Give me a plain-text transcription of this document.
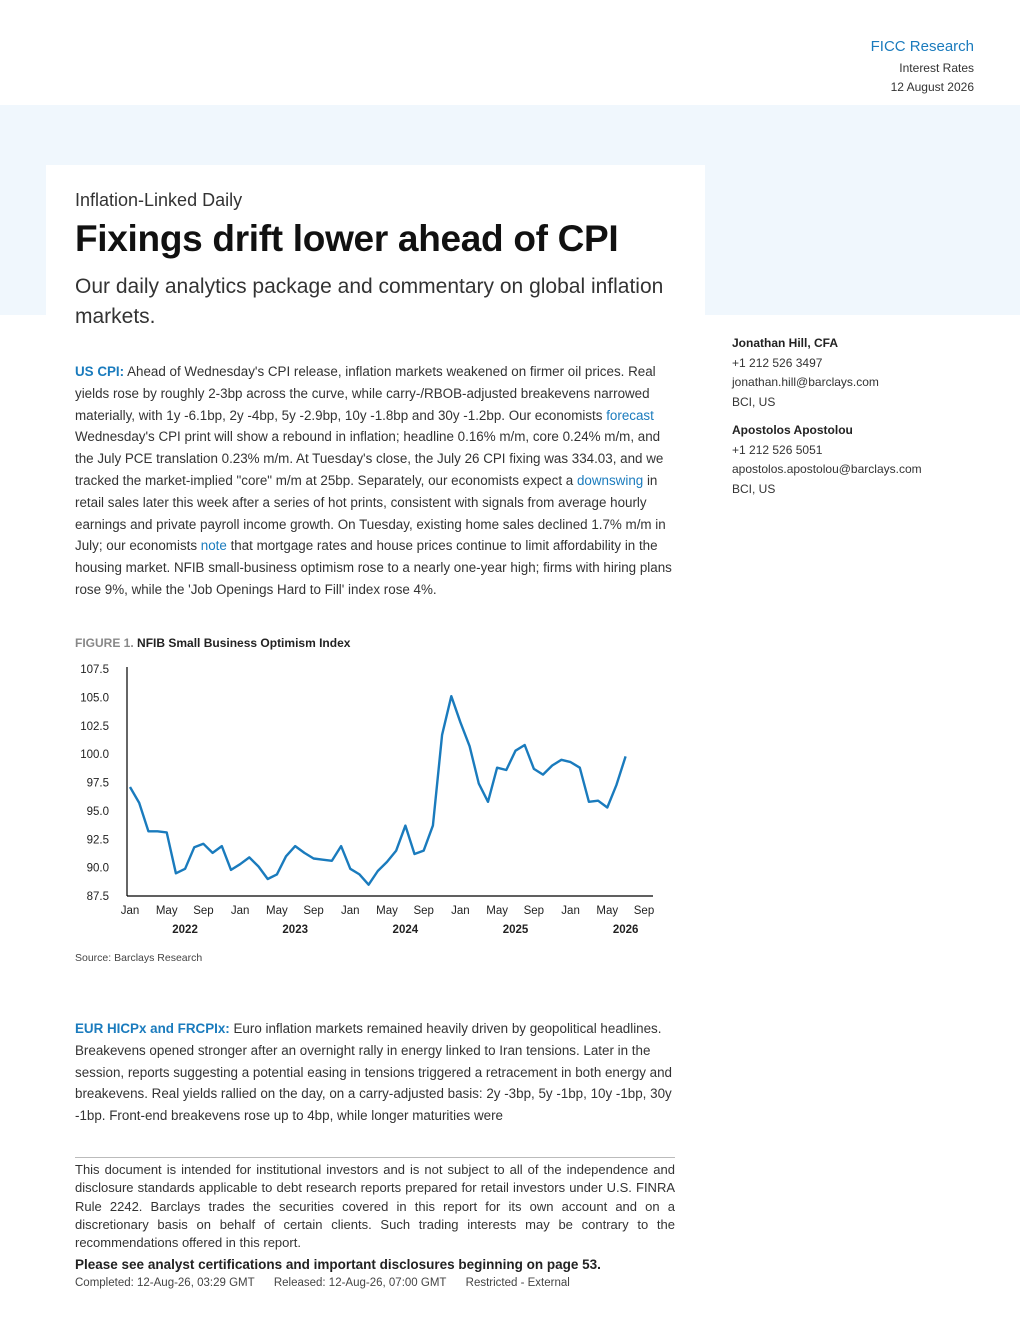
FICC Research
Interest Rates
12 August 2026
Inflation-Linked Daily
Fixings drift lower ahead of CPI
Our daily analytics package and commentary on global inflation markets.
Jonathan Hill, CFA
+1 212 526 3497
jonathan.hill@barclays.com
BCI, US
Apostolos Apostolou
+1 212 526 5051
apostolos.apostolou@barclays.com
BCI, US
US CPI: Ahead of Wednesday's CPI release, inflation markets weakened on firmer oil prices. Real yields rose by roughly 2-3bp across the curve, while carry-/RBOB-adjusted breakevens narrowed materially, with 1y -6.1bp, 2y -4bp, 5y -2.9bp, 10y -1.8bp and 30y -1.2bp. Our economists forecast Wednesday's CPI print will show a rebound in inflation; headline 0.16% m/m, core 0.24% m/m, and the July PCE translation 0.23% m/m. At Tuesday's close, the July 26 CPI fixing was 334.03, and we tracked the market-implied "core" m/m at 25bp. Separately, our economists expect a downswing in retail sales later this week after a series of hot prints, consistent with signals from average hourly earnings and private payroll income growth. On Tuesday, existing home sales declined 1.7% m/m in July; our economists note that mortgage rates and house prices continue to limit affordability in the housing market. NFIB small-business optimism rose to a nearly one-year high; firms with hiring plans rose 9%, while the 'Job Openings Hard to Fill' index rose 4%.
FIGURE 1. NFIB Small Business Optimism Index
87.5
90.0
92.5
95.0
97.5
100.0
102.5
105.0
107.5
Jan May Sep Jan May Sep Jan May Sep Jan May Sep Jan May Sep
2022	2023	2024	2025	2026
Source: Barclays Research
EUR HICPx and FRCPIx: Euro inflation markets remained heavily driven by geopolitical headlines. Breakevens opened stronger after an overnight rally in energy linked to Iran tensions. Later in the session, reports suggesting a potential easing in tensions triggered a retracement in both energy and breakevens. Real yields rallied on the day, on a carry-adjusted basis: 2y -3bp, 5y -1bp, 10y -1bp, 30y -1bp. Front-end breakevens rose up to 4bp, while longer maturities were
This document is intended for institutional investors and is not subject to all of the independence and disclosure standards applicable to debt research reports prepared for retail investors under U.S. FINRA Rule 2242. Barclays trades the securities covered in this report for its own account and on a discretionary basis on behalf of certain clients. Such trading interests may be contrary to the recommendations offered in this report.
Please see analyst certifications and important disclosures beginning on page 53.
Completed: 12-Aug-26, 03:29 GMT Released: 12-Aug-26, 07:00 GMT Restricted - External
